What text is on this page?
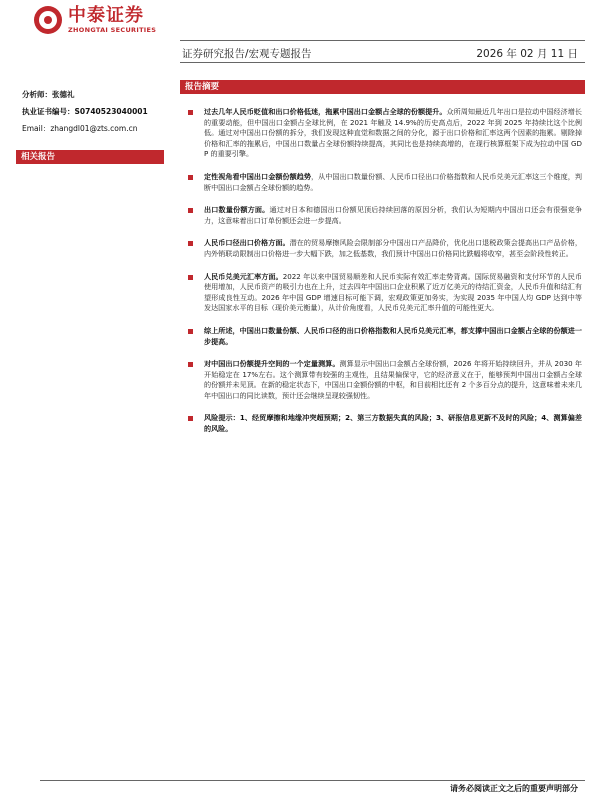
中泰证券
ZHONGTAI SECURITIES
证券研究报告/宏观专题报告	2026 年 02 月 11 日
分析师：张德礼
执业证书编号：S0740523040001
Email：zhangdl01@zts.com.cn
相关报告
报告摘要
过去几年人民币贬值和出口价格低迷，拖累中国出口金额占全球的份额提升。众所周知最近几年出口是拉动中国经济增长的重要动能，但中国出口金额占全球比例，在 2021 年触及 14.9%的历史高点后，2022 年到 2025 年持续比这个比例低。通过对中国出口份额的拆分，我们发现这种直觉和数据之间的分化，源于出口价格和汇率这两个因素的拖累。剔除掉价格和汇率的拖累后，中国出口数量占全球份额持续提高，其同比也是持续高增的，在现行核算框架下成为拉动中国 GDP 的重要引擎。
定性视角看中国出口金额份额趋势，从中国出口数量份额、人民币口径出口价格指数和人民币兑美元汇率这三个维度，判断中国出口金额占全球份额的趋势。
出口数量份额方面。通过对日本和德国出口份额见顶后持续回落的原因分析，我们认为短期内中国出口还会有很强竞争力，这意味着出口订单份额还会进一步提高。
人民币口径出口价格方面。潜在的贸易摩擦风险会限制部分中国出口产品降价，优化出口退税政策会提高出口产品价格，内外销联动限制出口价格进一步大幅下跌，加之低基数，我们预计中国出口价格同比跌幅将收窄，甚至会阶段性转正。
人民币兑美元汇率方面。2022 年以来中国贸易顺差和人民币实际有效汇率走势背离。国际贸易融资和支付环节的人民币使用增加，人民币资产的吸引力也在上升，过去四年中国出口企业积累了近万亿美元的待结汇资金，人民币升值和结汇有望形成良性互动。2026 年中国 GDP 增速目标可能下调，宏观政策更加务实，为实现 2035 年中国人均 GDP 达到中等发达国家水平的目标（现价美元衡量），从计价角度看，人民币兑美元汇率升值的可能性更大。
综上所述，中国出口数量份额、人民币口径的出口价格指数和人民币兑美元汇率，都支撑中国出口金额占全球的份额进一步提高。
对中国出口份额提升空间的一个定量测算。测算显示中国出口金额占全球份额，2026 年将开始持续回升，并从 2030 年开始稳定在 17%左右。这个测算带有较强的主观性，且结果偏保守，它的经济意义在于，能够预判中国出口金额占全球的份额并未见顶。在新的稳定状态下，中国出口金额份额的中枢，和目前相比还有 2 个多百分点的提升，这意味着未来几年中国出口的同比读数，预计还会继续呈现较强韧性。
风险提示：1、经贸摩擦和地缘冲突超预期；2、第三方数据失真的风险；3、研报信息更新不及时的风险；4、测算偏差的风险。
请务必阅读正文之后的重要声明部分
